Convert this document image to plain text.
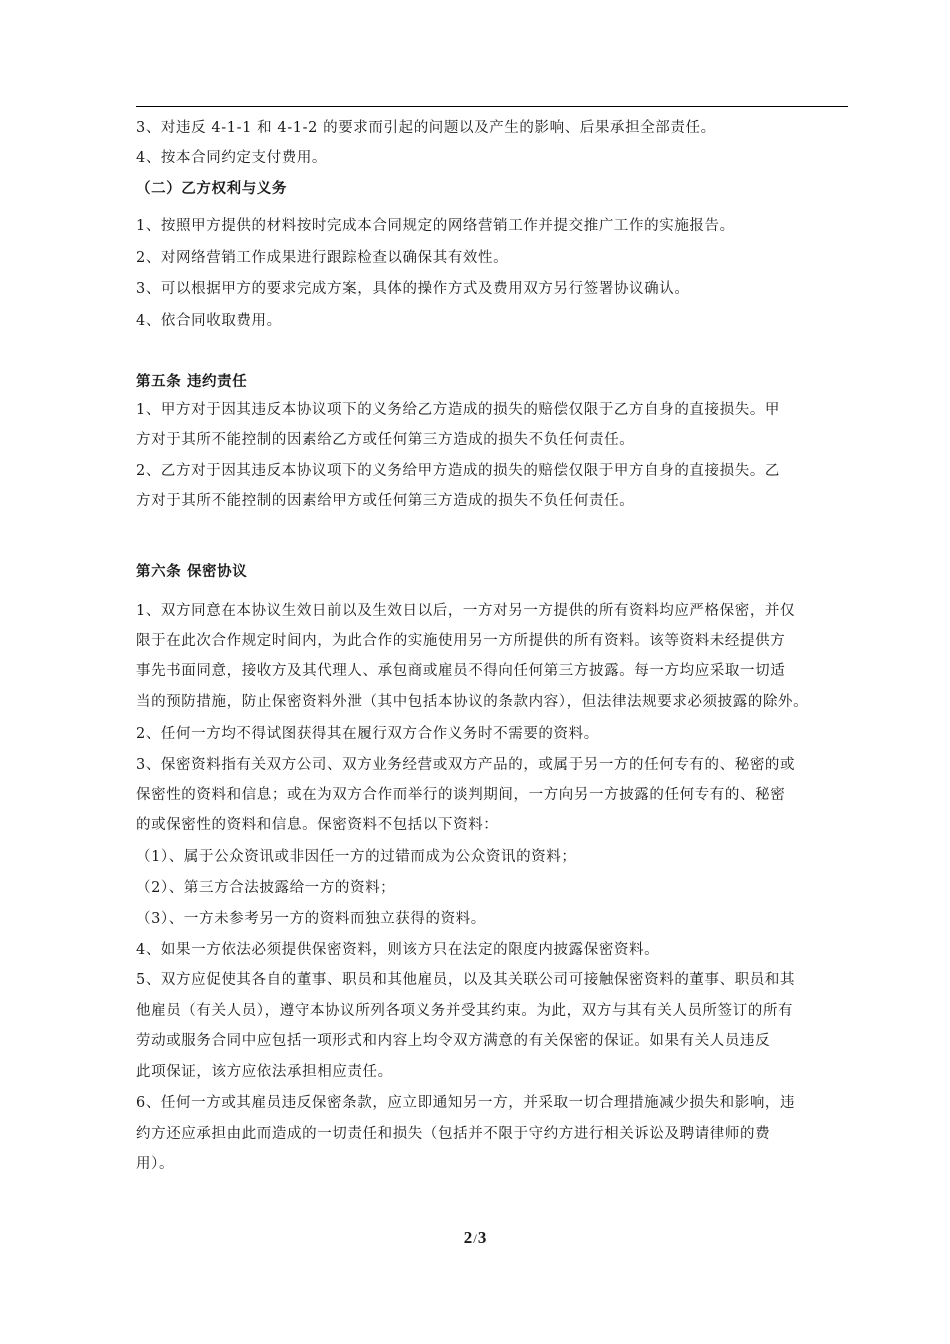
3、对违反 4-1-1 和 4-1-2 的要求而引起的问题以及产生的影响、后果承担全部责任。
4、按本合同约定支付费用。
（二）乙方权利与义务
1、按照甲方提供的材料按时完成本合同规定的网络营销工作并提交推广工作的实施报告。
2、对网络营销工作成果进行跟踪检查以确保其有效性。
3、可以根据甲方的要求完成方案，具体的操作方式及费用双方另行签署协议确认。
4、依合同收取费用。
第五条 违约责任
1、甲方对于因其违反本协议项下的义务给乙方造成的损失的赔偿仅限于乙方自身的直接损失。甲
方对于其所不能控制的因素给乙方或任何第三方造成的损失不负任何责任。
2、乙方对于因其违反本协议项下的义务给甲方造成的损失的赔偿仅限于甲方自身的直接损失。乙
方对于其所不能控制的因素给甲方或任何第三方造成的损失不负任何责任。
第六条 保密协议
1、双方同意在本协议生效日前以及生效日以后，一方对另一方提供的所有资料均应严格保密，并仅
限于在此次合作规定时间内，为此合作的实施使用另一方所提供的所有资料。该等资料未经提供方
事先书面同意，接收方及其代理人、承包商或雇员不得向任何第三方披露。每一方均应采取一切适
当的预防措施，防止保密资料外泄（其中包括本协议的条款内容），但法律法规要求必须披露的除外。
2、任何一方均不得试图获得其在履行双方合作义务时不需要的资料。
3、保密资料指有关双方公司、双方业务经营或双方产品的，或属于另一方的任何专有的、秘密的或
保密性的资料和信息；或在为双方合作而举行的谈判期间，一方向另一方披露的任何专有的、秘密
的或保密性的资料和信息。保密资料不包括以下资料：
（1）、属于公众资讯或非因任一方的过错而成为公众资讯的资料；
（2）、第三方合法披露给一方的资料；
（3）、一方未参考另一方的资料而独立获得的资料。
4、如果一方依法必须提供保密资料，则该方只在法定的限度内披露保密资料。
5、双方应促使其各自的董事、职员和其他雇员，以及其关联公司可接触保密资料的董事、职员和其
他雇员（有关人员），遵守本协议所列各项义务并受其约束。为此，双方与其有关人员所签订的所有
劳动或服务合同中应包括一项形式和内容上均令双方满意的有关保密的保证。如果有关人员违反
此项保证，该方应依法承担相应责任。
6、任何一方或其雇员违反保密条款，应立即通知另一方，并采取一切合理措施减少损失和影响，违
约方还应承担由此而造成的一切责任和损失（包括并不限于守约方进行相关诉讼及聘请律师的费
用）。
2/3
